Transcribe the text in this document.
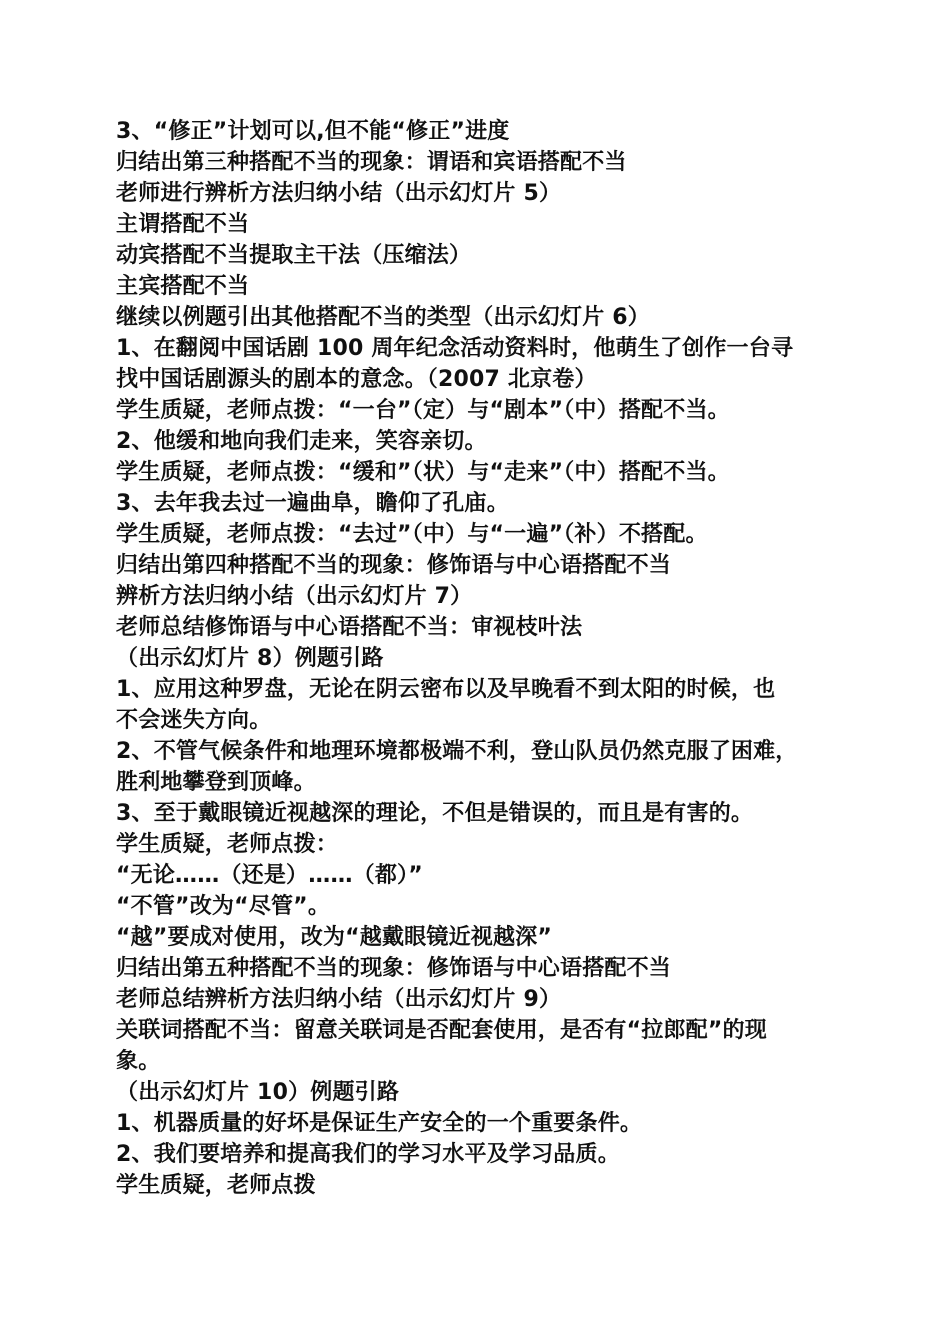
3、“修正”计划可以,但不能“修正”进度
归结出第三种搭配不当的现象：谓语和宾语搭配不当
老师进行辨析方法归纳小结（出示幻灯片 5）
主谓搭配不当
动宾搭配不当提取主干法（压缩法）
主宾搭配不当
继续以例题引出其他搭配不当的类型（出示幻灯片 6）
1、在翻阅中国话剧 100 周年纪念活动资料时，他萌生了创作一台寻
找中国话剧源头的剧本的意念。（2007 北京卷）
学生质疑，老师点拨：“一台”（定）与“剧本”（中）搭配不当。
2、他缓和地向我们走来，笑容亲切。
学生质疑，老师点拨：“缓和”（状）与“走来”（中）搭配不当。
3、去年我去过一遍曲阜，瞻仰了孔庙。
学生质疑，老师点拨：“去过”（中）与“一遍”（补）不搭配。
归结出第四种搭配不当的现象：修饰语与中心语搭配不当
辨析方法归纳小结（出示幻灯片 7）
老师总结修饰语与中心语搭配不当：审视枝叶法
（出示幻灯片 8）例题引路
1、应用这种罗盘，无论在阴云密布以及早晚看不到太阳的时候，也
不会迷失方向。
2、不管气候条件和地理环境都极端不利，登山队员仍然克服了困难，
胜利地攀登到顶峰。
3、至于戴眼镜近视越深的理论，不但是错误的，而且是有害的。
学生质疑，老师点拨：
“无论……（还是）……（都）”
“不管”改为“尽管”。
“越”要成对使用，改为“越戴眼镜近视越深”
归结出第五种搭配不当的现象：修饰语与中心语搭配不当
老师总结辨析方法归纳小结（出示幻灯片 9）
关联词搭配不当：留意关联词是否配套使用，是否有“拉郎配”的现
象。
（出示幻灯片 10）例题引路
1、机器质量的好坏是保证生产安全的一个重要条件。
2、我们要培养和提高我们的学习水平及学习品质。
学生质疑，老师点拨
